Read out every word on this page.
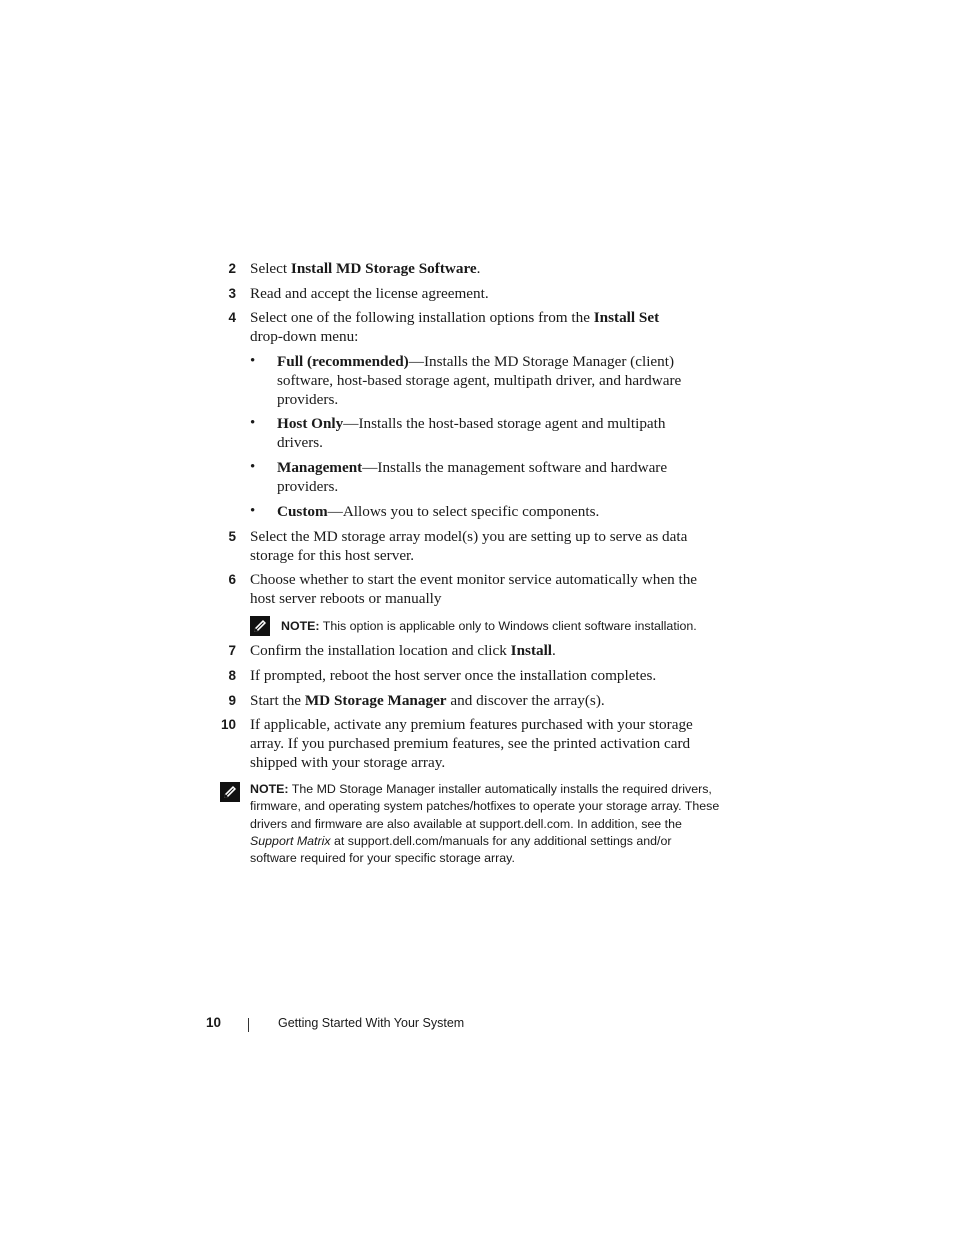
2 Select Install MD Storage Software.
3 Read and accept the license agreement.
4 Select one of the following installation options from the Install Set
drop-down menu:
• Full (recommended)—Installs the MD Storage Manager (client)
software, host-based storage agent, multipath driver, and hardware
providers.
• Host Only—Installs the host-based storage agent and multipath
drivers.
• Management—Installs the management software and hardware
providers.
• Custom—Allows you to select specific components.
5 Select the MD storage array model(s) you are setting up to serve as data
storage for this host server.
6 Choose whether to start the event monitor service automatically when the
host server reboots or manually
NOTE: This option is applicable only to Windows client software installation.
7 Confirm the installation location and click Install.
8 If prompted, reboot the host server once the installation completes.
9 Start the MD Storage Manager and discover the array(s).
10 If applicable, activate any premium features purchased with your storage
array. If you purchased premium features, see the printed activation card
shipped with your storage array.
NOTE: The MD Storage Manager installer automatically installs the required drivers, firmware, and operating system patches/hotfixes to operate your storage array. These drivers and firmware are also available at support.dell.com. In addition, see the Support Matrix at support.dell.com/manuals for any additional settings and/or software required for your specific storage array.
10	Getting Started With Your System
